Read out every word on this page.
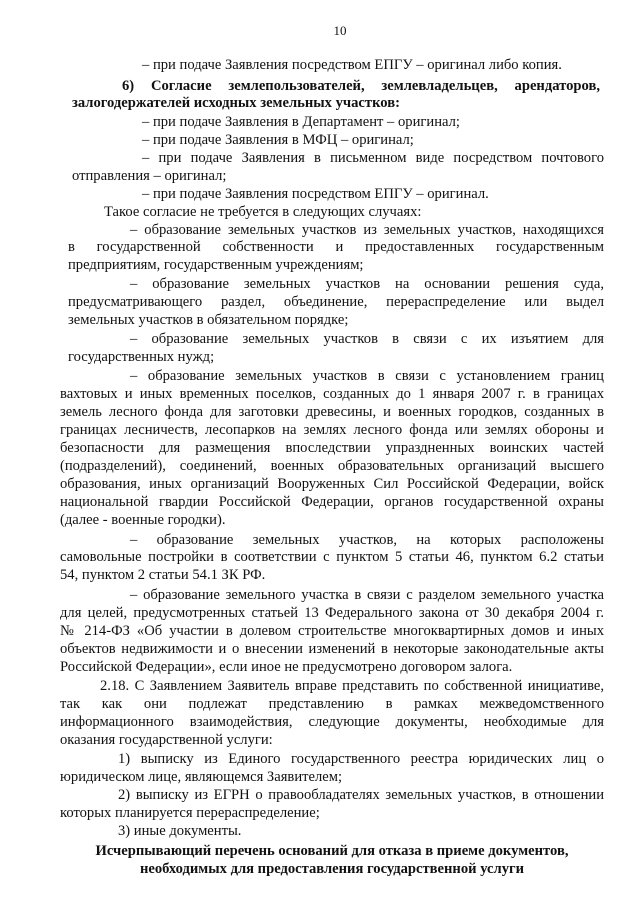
10
– при подаче Заявления посредством ЕПГУ – оригинал либо копия.
6) Согласие землепользователей, землевладельцев, арендаторов,
залогодержателей исходных земельных участков:
– при подаче Заявления в Департамент – оригинал;
– при подаче Заявления в МФЦ – оригинал;
– при подаче Заявления в письменном виде посредством почтового
отправления – оригинал;
– при подаче Заявления посредством ЕПГУ – оригинал.
Такое согласие не требуется в следующих случаях:
– образование земельных участков из земельных участков, находящихся
в государственной собственности и предоставленных государственным
предприятиям, государственным учреждениям;
– образование земельных участков на основании решения суда,
предусматривающего раздел, объединение, перераспределение или выдел
земельных участков в обязательном порядке;
– образование земельных участков в связи с их изъятием для
государственных нужд;
– образование земельных участков в связи с установлением границ
вахтовых и иных временных поселков, созданных до 1 января 2007 г. в границах
земель лесного фонда для заготовки древесины, и военных городков, созданных в
границах лесничеств, лесопарков на землях лесного фонда или землях обороны и
безопасности для размещения впоследствии упраздненных воинских частей
(подразделений), соединений, военных образовательных организаций высшего
образования, иных организаций Вооруженных Сил Российской Федерации, войск
национальной гвардии Российской Федерации, органов государственной охраны
(далее - военные городки).
– образование земельных участков, на которых расположены
самовольные постройки в соответствии с пунктом 5 статьи 46, пунктом 6.2 статьи
54, пунктом 2 статьи 54.1 ЗК РФ.
– образование земельного участка в связи с разделом земельного участка
для целей, предусмотренных статьей 13 Федерального закона от 30 декабря 2004 г.
№ 214-ФЗ «Об участии в долевом строительстве многоквартирных домов и иных
объектов недвижимости и о внесении изменений в некоторые законодательные акты
Российской Федерации», если иное не предусмотрено договором залога.
2.18. С Заявлением Заявитель вправе представить по собственной инициативе,
так как они подлежат представлению в рамках межведомственного
информационного взаимодействия, следующие документы, необходимые для
оказания государственной услуги:
1) выписку из Единого государственного реестра юридических лиц о
юридическом лице, являющемся Заявителем;
2) выписку из ЕГРН о правообладателях земельных участков, в отношении
которых планируется перераспределение;
3) иные документы.
Исчерпывающий перечень оснований для отказа в приеме документов,
необходимых для предоставления государственной услуги
